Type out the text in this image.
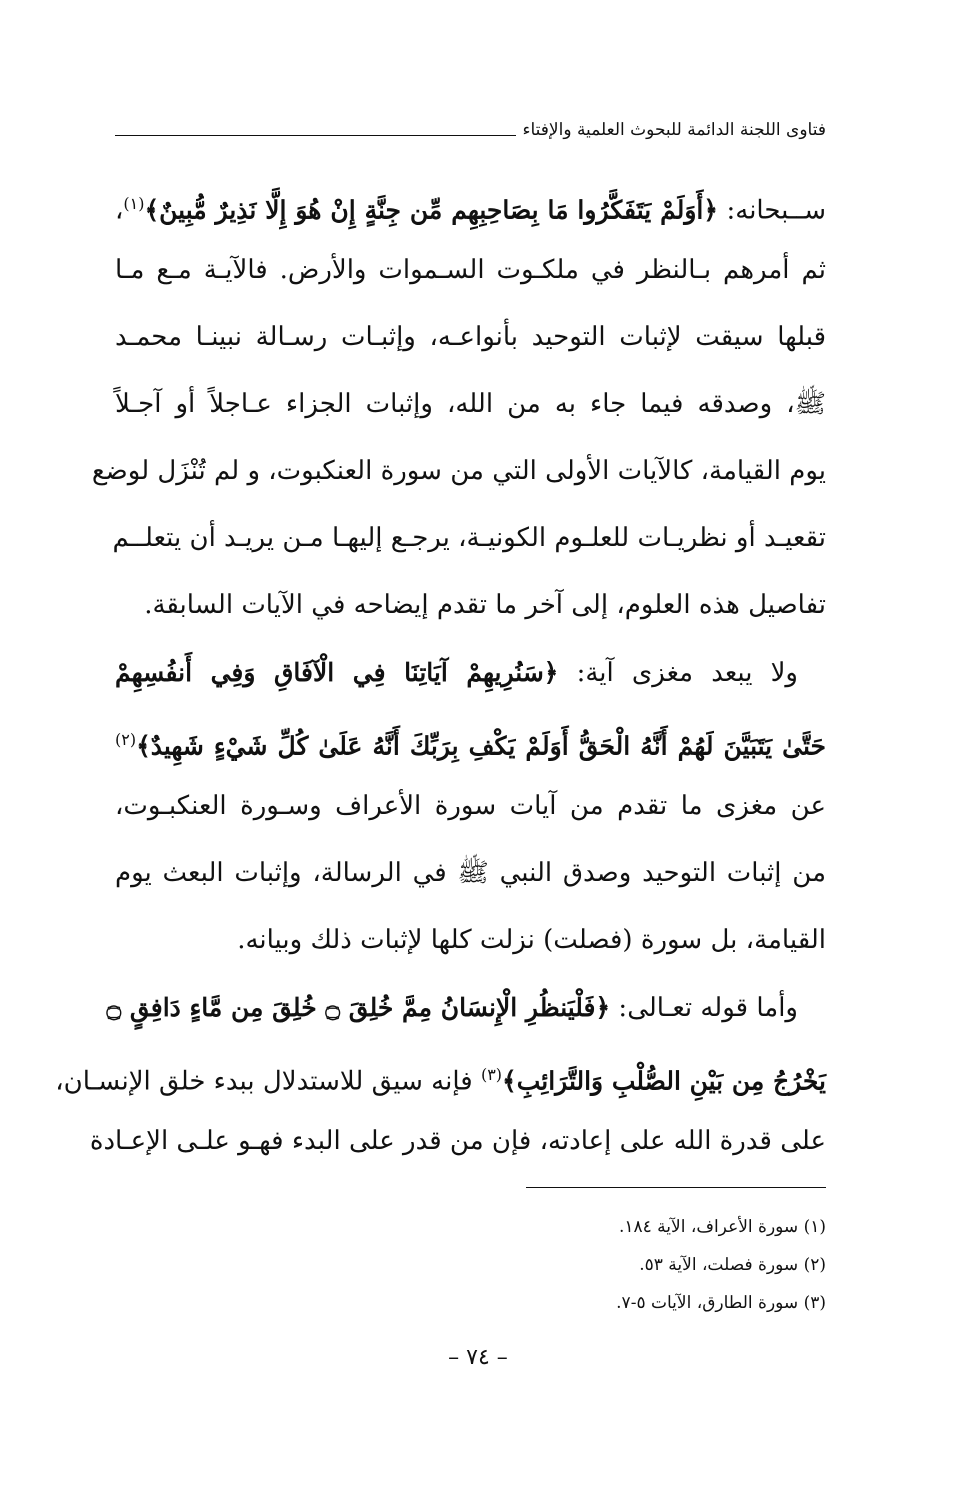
فتاوى اللجنة الدائمة للبحوث العلمية والإفتاء
ســبحانه: ﴿أَوَلَمْ يَتَفَكَّرُوا مَا بِصَاحِبِهِم مِّن جِنَّةٍ إِنْ هُوَ إِلَّا نَذِيرٌ مُّبِينٌ﴾$^{(١)}$،
ثم أمرهم بـالنظر في ملكـوت السـموات والأرض. فالآيـة مـع مـا
قبلها سيقت لإثبات التوحيد بأنواعـه، وإثبـات رسـالة نبينـا محمـد
ﷺ، وصدقه فيما جاء به من الله، وإثبات الجزاء عـاجلاً أو آجـلاً
يوم القيامة، كالآيات الأولى التي من سورة العنكبوت، و لم تُنْزَل لوضع
تقعيـد أو نظريـات للعلـوم الكونيـة، يرجـع إليهـا مـن يريـد أن يتعلــم
تفاصيل هذه العلوم، إلى آخر ما تقدم إيضاحه في الآيات السابقة.
ولا يبعد مغزى آية: ﴿سَنُرِيهِمْ آيَاتِنَا فِي الْآفَاقِ وَفِي أَنفُسِهِمْ
حَتَّىٰ يَتَبَيَّنَ لَهُمْ أَنَّهُ الْحَقُّ أَوَلَمْ يَكْفِ بِرَبِّكَ أَنَّهُ عَلَىٰ كُلِّ شَيْءٍ شَهِيدٌ﴾$^{(٢)}$
عن مغزى ما تقدم من آيات سورة الأعراف وسـورة العنكبـوت،
من إثبات التوحيد وصدق النبي ﷺ في الرسالة، وإثبات البعث يوم
القيامة، بل سورة (فصلت) نزلت كلها لإثبات ذلك وبيانه.
وأما قوله تعـالى: ﴿فَلْيَنظُرِ الْإِنسَانُ مِمَّ خُلِقَ ۝ خُلِقَ مِن مَّاءٍ دَافِقٍ ۝
يَخْرُجُ مِن بَيْنِ الصُّلْبِ وَالتَّرَائِبِ﴾$^{(٣)}$ فإنه سيق للاستدلال ببدء خلق الإنسـان،
على قدرة الله على إعادته، فإن من قدر على البدء فهـو علـى الإعـادة
(١) سورة الأعراف، الآية ١٨٤.
(٢) سورة فصلت، الآية ٥٣.
(٣) سورة الطارق، الآيات ٥-٧.
– ٧٤ –
